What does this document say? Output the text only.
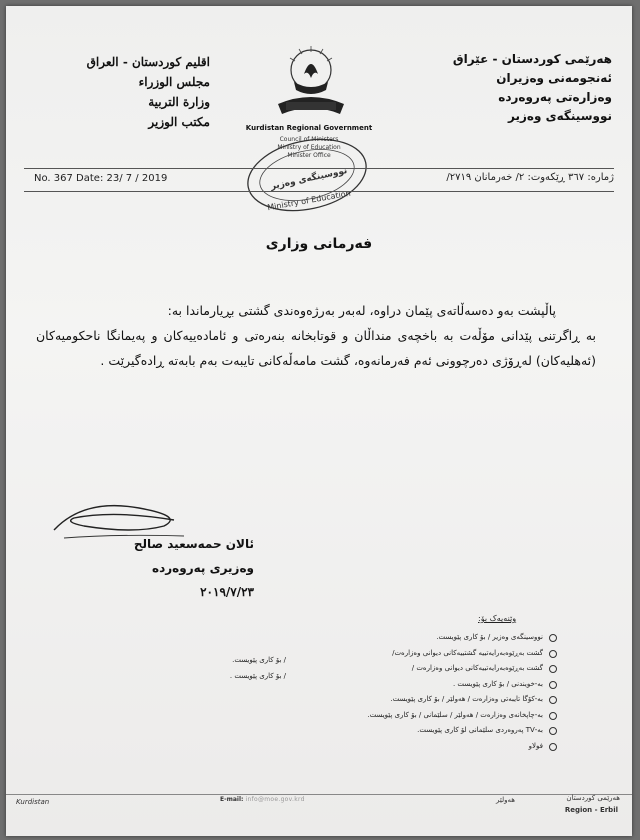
اقليم كوردستان - العراق
مجلس الوزراء
وزارة التربية
مكتب الوزير	Kurdistan Regional Government
Council of Ministers
Ministry of Education
Minister Office
نووسینگەی وەزیر
Ministry of Education
هەرێمی کوردستان - عێراق
ئەنجومەنی وەزیران
وەزارەتی پەروەردە
نووسینگەی وەزیر
No. 367 Date: 23/ 7 / 2019	ژمارە: ٣٦٧ ڕێکەوت: ٢/ خەرمانان ٢٧١٩/
فەرمانی وزاری

پاڵپشت بەو دەسەڵاتەی پێمان دراوە، لەبەر بەرژەوەندی گشتی بڕیارماندا بە:

بە ڕاگرتنی پێدانی مۆڵەت بە باخچەی منداڵان و قوتابخانە بنەرەتی و ئامادەییەکان و پەیمانگا ناحکومیەکان (ئەهلیەکان) لەڕۆژی دەرچوونی ئەم فەرمانەوە، گشت مامەڵەکانی تایبەت بەم بابەتە ڕادەگیرێت .

ئالان حمەسعید صالح
وەزیری پەروەردە
٢٠١٩/٧/٢٣
وێنەیەک بۆ:
نووسینگەی وەزیر / بۆ کاری پێویست.
گشت بەڕێوەبەرایەتییە گشتییەکانی دیوانی وەزارەت/
گشت بەڕێوەبەرایەتییەکانی دیوانی وەزارەت /
بە-خویندنی / بۆ کاری پێویست .
بە-کۆگا تایبەتی وەزارەت / هەولێر / بۆ کاری پێویست.
بە-چاپخانەی وەزارەت / هەولێر / سلێمانی / بۆ کاری پێویست.
بە-TV پەروەردی سلێمانی لۆ کاری پێویست.
فولاو
/ بۆ کاری پێویست.
/ بۆ کاری پێویست .
Kurdistan	E-mail: info@moe.gov.krd	هەولێر	هەرێمی کوردستان
Region - Erbil
